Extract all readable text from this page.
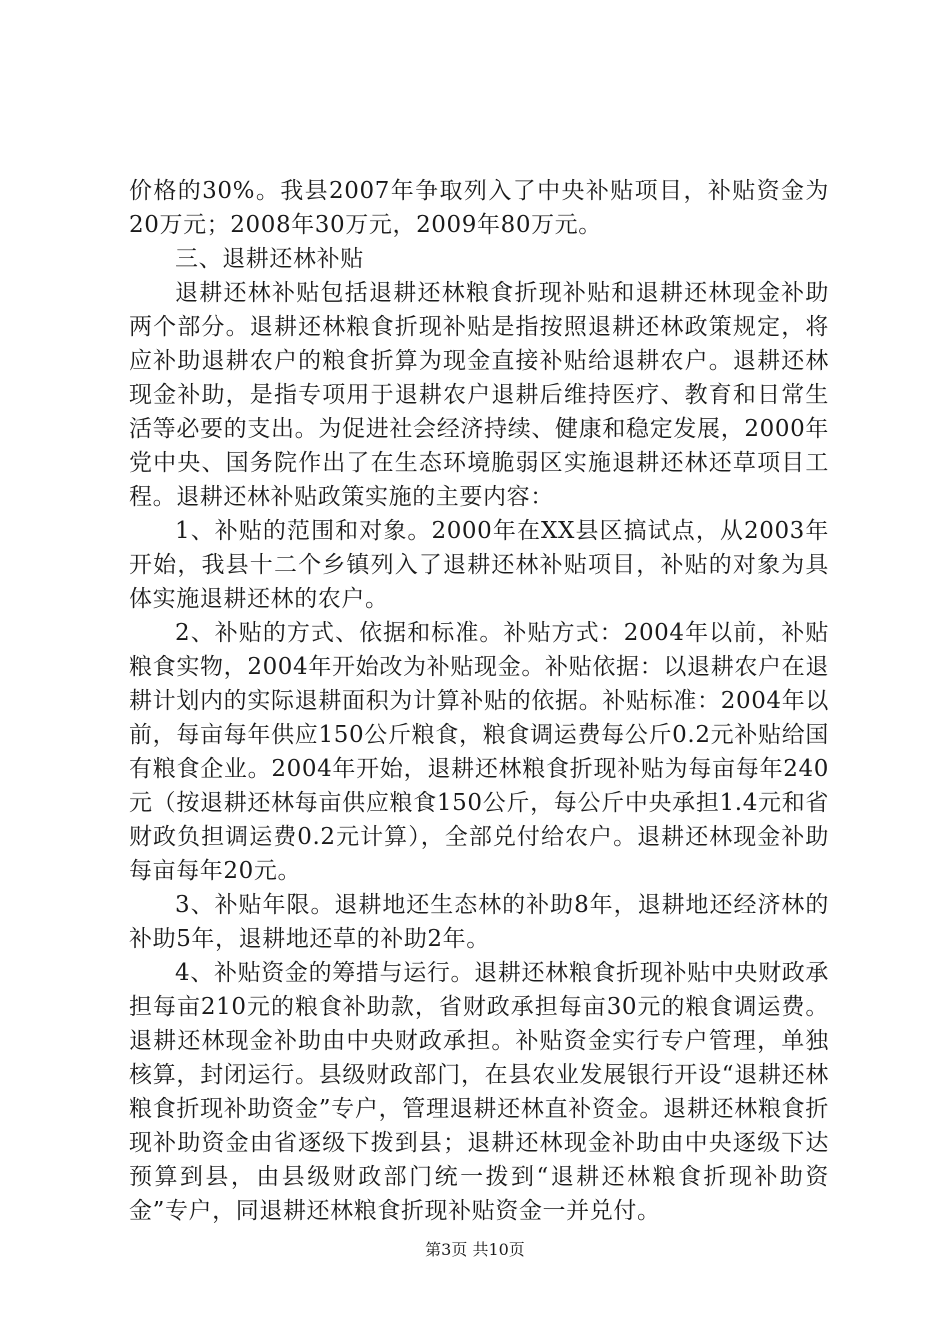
价格的30%。我县2007年争取列入了中央补贴项目，补贴资金为20万元；2008年30万元，2009年80万元。

三、退耕还林补贴

退耕还林补贴包括退耕还林粮食折现补贴和退耕还林现金补助两个部分。退耕还林粮食折现补贴是指按照退耕还林政策规定，将应补助退耕农户的粮食折算为现金直接补贴给退耕农户。退耕还林现金补助，是指专项用于退耕农户退耕后维持医疗、教育和日常生活等必要的支出。为促进社会经济持续、健康和稳定发展，2000年党中央、国务院作出了在生态环境脆弱区实施退耕还林还草项目工程。退耕还林补贴政策实施的主要内容：

1、补贴的范围和对象。2000年在XX县区搞试点，从2003年开始，我县十二个乡镇列入了退耕还林补贴项目，补贴的对象为具体实施退耕还林的农户。

2、补贴的方式、依据和标准。补贴方式：2004年以前，补贴粮食实物，2004年开始改为补贴现金。补贴依据：以退耕农户在退耕计划内的实际退耕面积为计算补贴的依据。补贴标准：2004年以前，每亩每年供应150公斤粮食，粮食调运费每公斤0.2元补贴给国有粮食企业。2004年开始，退耕还林粮食折现补贴为每亩每年240元（按退耕还林每亩供应粮食150公斤，每公斤中央承担1.4元和省财政负担调运费0.2元计算），全部兑付给农户。退耕还林现金补助每亩每年20元。

3、补贴年限。退耕地还生态林的补助8年，退耕地还经济林的补助5年，退耕地还草的补助2年。

4、补贴资金的筹措与运行。退耕还林粮食折现补贴中央财政承担每亩210元的粮食补助款，省财政承担每亩30元的粮食调运费。退耕还林现金补助由中央财政承担。补贴资金实行专户管理，单独核算，封闭运行。县级财政部门，在县农业发展银行开设“退耕还林粮食折现补助资金”专户，管理退耕还林直补资金。退耕还林粮食折现补助资金由省逐级下拨到县；退耕还林现金补助由中央逐级下达预算到县，由县级财政部门统一拨到“退耕还林粮食折现补助资金”专户，同退耕还林粮食折现补贴资金一并兑付。

第3页 共10页
